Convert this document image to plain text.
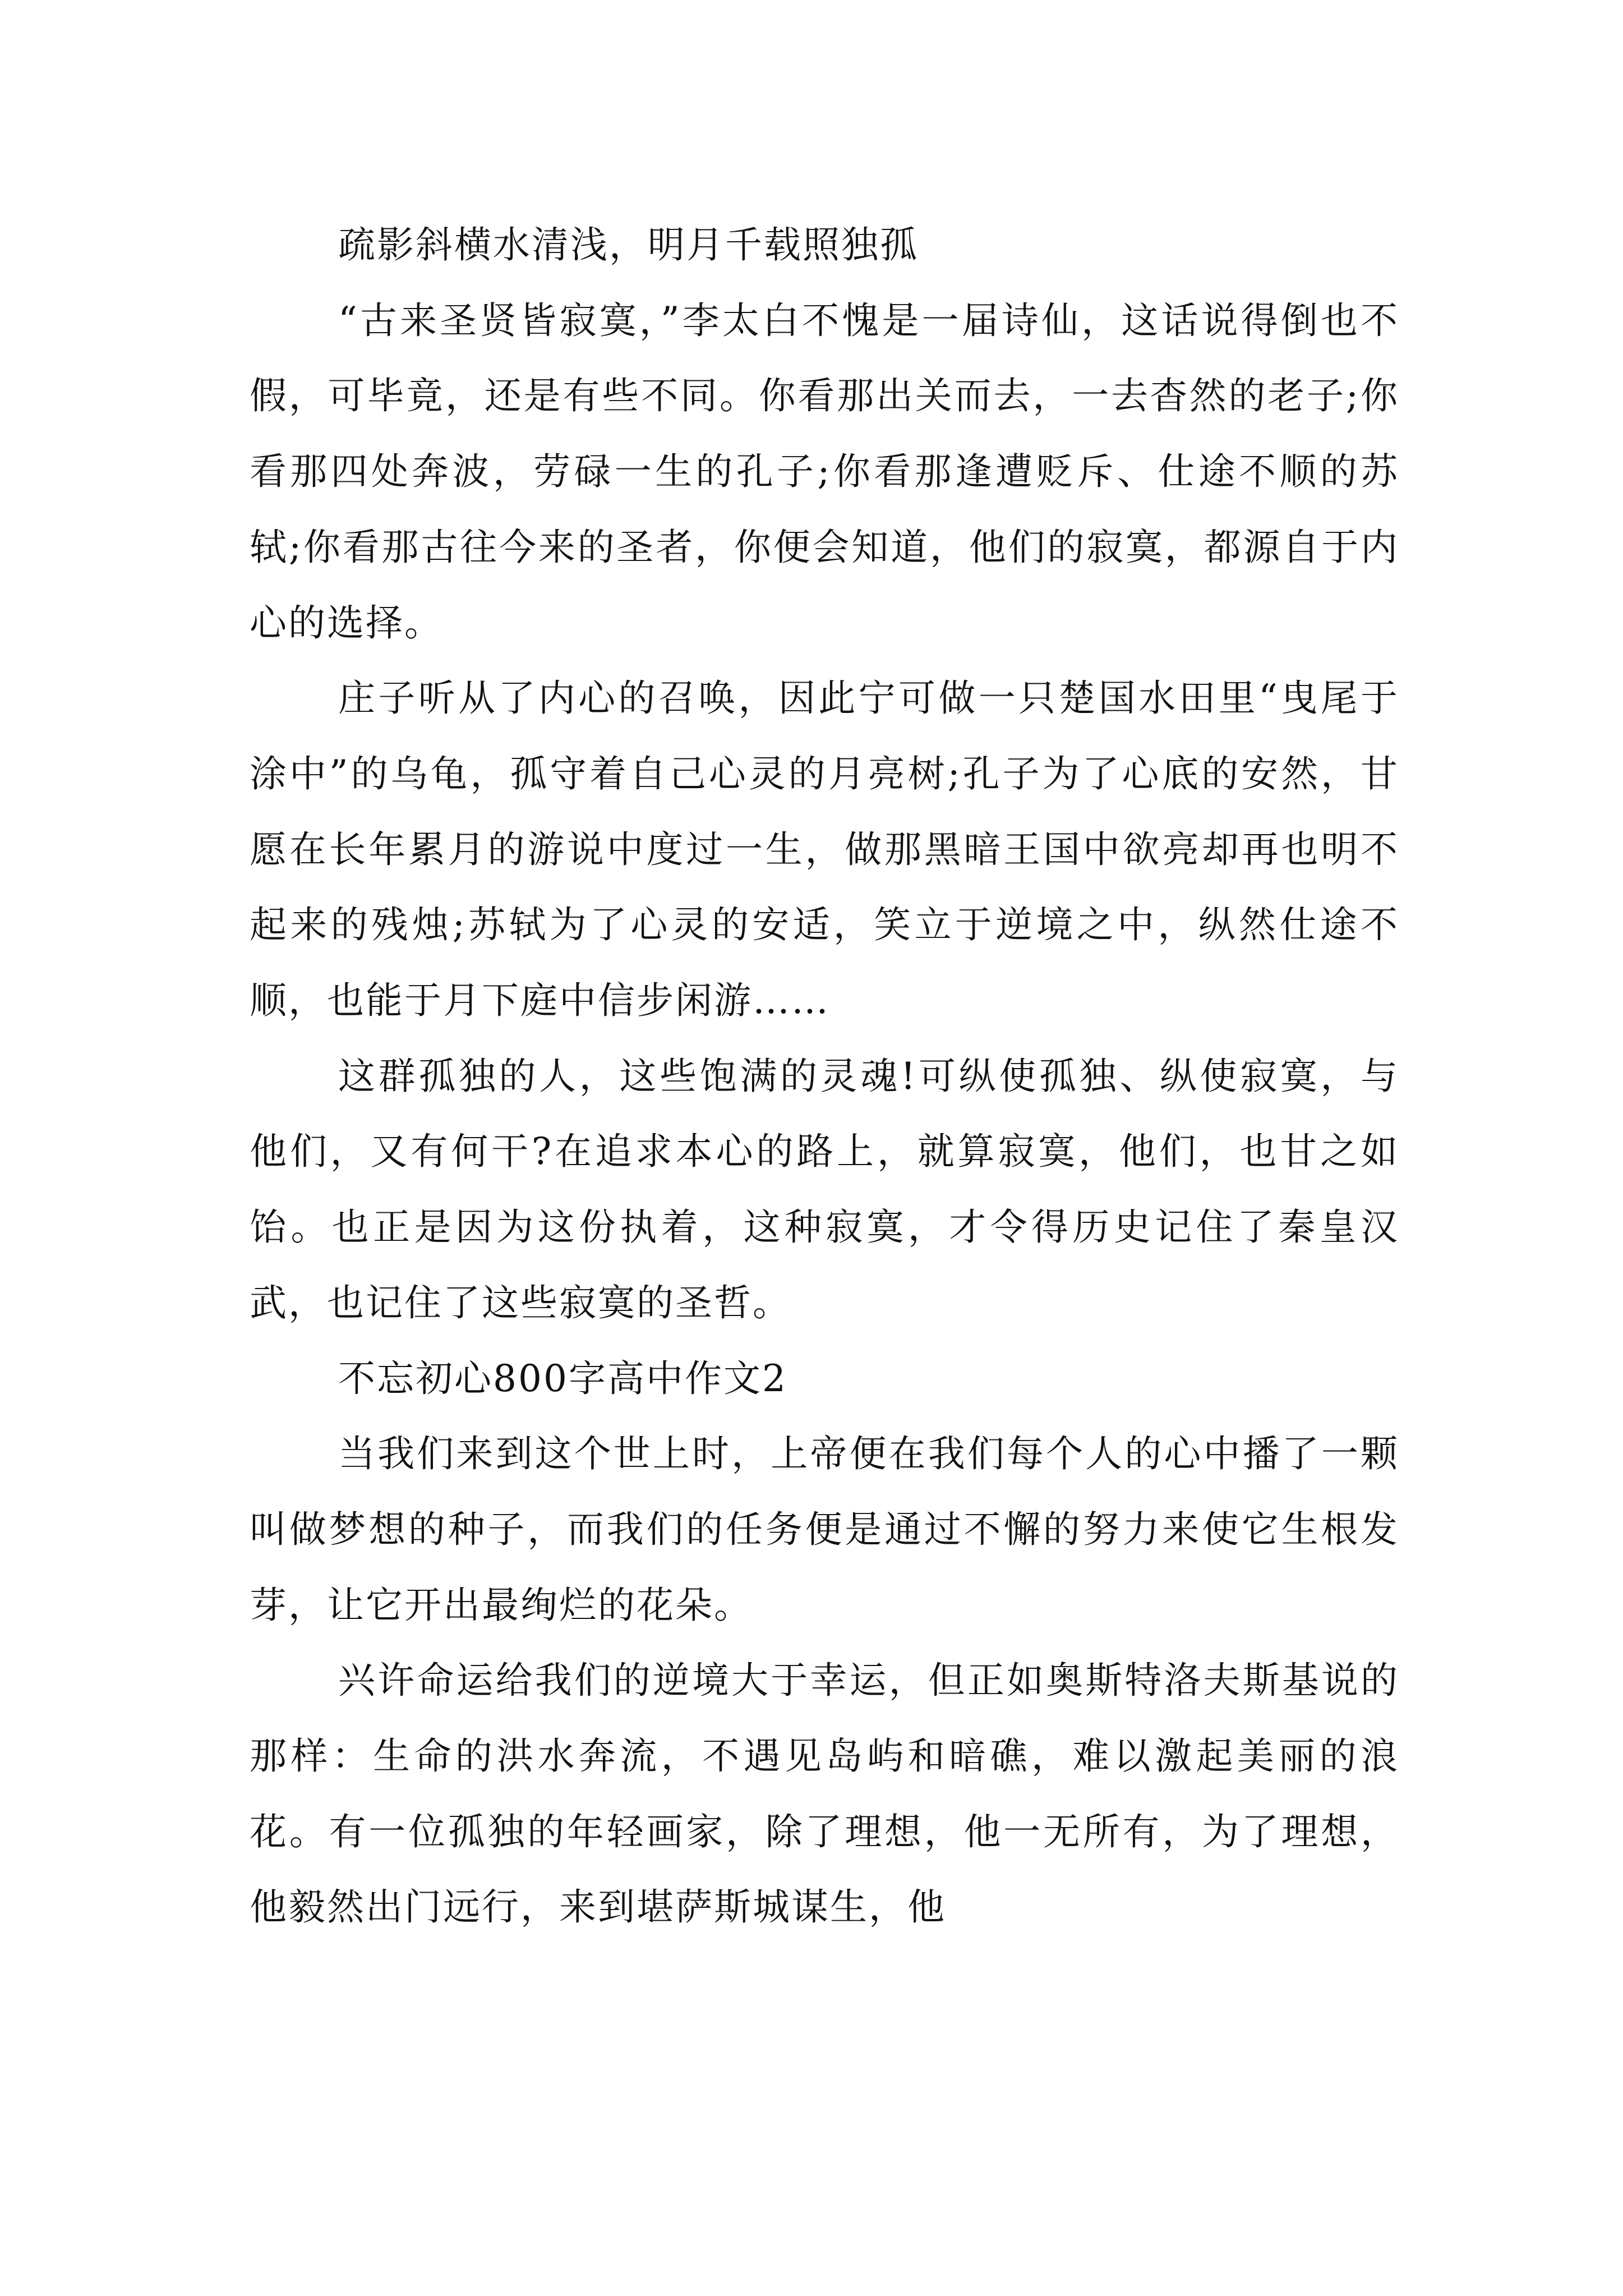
疏影斜横水清浅，明月千载照独孤

“古来圣贤皆寂寞，”李太白不愧是一届诗仙，这话说得倒也不假，可毕竟，还是有些不同。你看那出关而去，一去杳然的老子;你看那四处奔波，劳碌一生的孔子;你看那逢遭贬斥、仕途不顺的苏轼;你看那古往今来的圣者，你便会知道，他们的寂寞，都源自于内心的选择。

庄子听从了内心的召唤，因此宁可做一只楚国水田里“曳尾于涂中”的乌龟，孤守着自己心灵的月亮树;孔子为了心底的安然，甘愿在长年累月的游说中度过一生，做那黑暗王国中欲亮却再也明不起来的残烛;苏轼为了心灵的安适，笑立于逆境之中，纵然仕途不顺，也能于月下庭中信步闲游……

这群孤独的人，这些饱满的灵魂!可纵使孤独、纵使寂寞，与他们，又有何干?在追求本心的路上，就算寂寞，他们，也甘之如饴。也正是因为这份执着，这种寂寞，才令得历史记住了秦皇汉武，也记住了这些寂寞的圣哲。

不忘初心800字高中作文2

当我们来到这个世上时，上帝便在我们每个人的心中播了一颗叫做梦想的种子，而我们的任务便是通过不懈的努力来使它生根发芽，让它开出最绚烂的花朵。

兴许命运给我们的逆境大于幸运，但正如奥斯特洛夫斯基说的那样：生命的洪水奔流，不遇见岛屿和暗礁，难以激起美丽的浪花。有一位孤独的年轻画家，除了理想，他一无所有，为了理想，他毅然出门远行，来到堪萨斯城谋生，他
